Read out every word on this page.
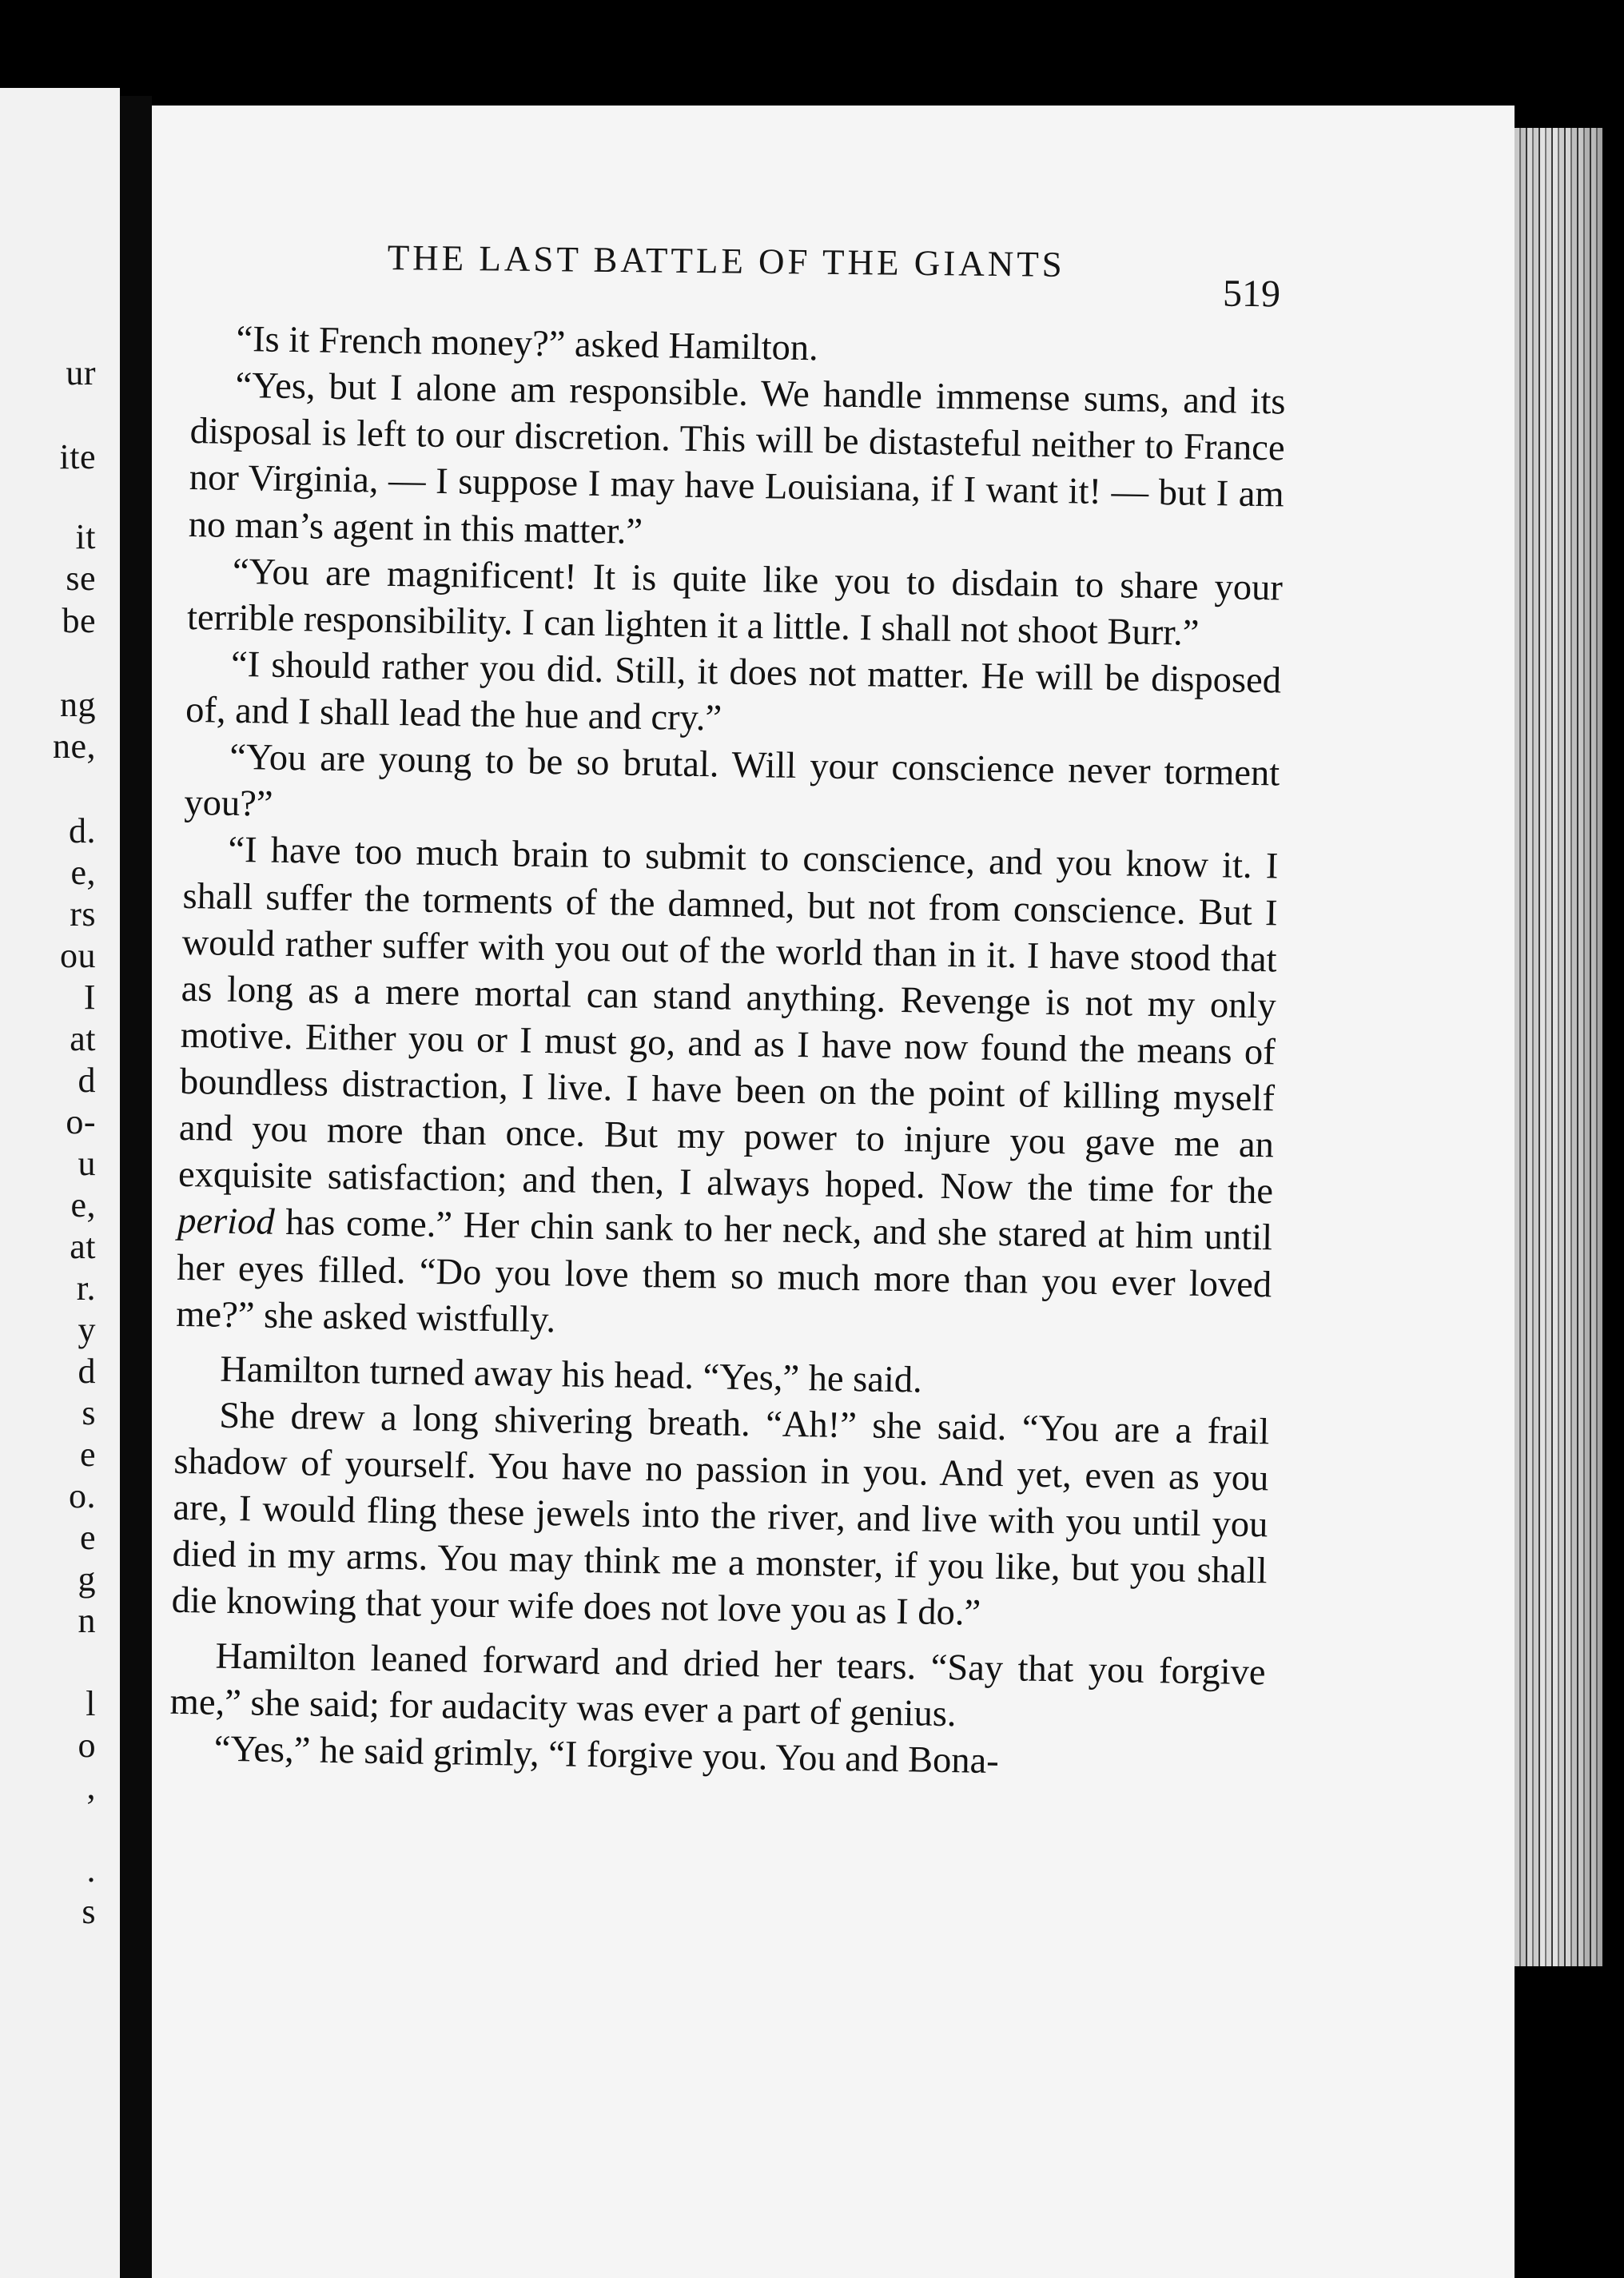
ur
ite
it
se
be
ng
ne,
d.
e,
rs
ou
I
at
d
o-
u
e,
at
r.
y
d
s
e
o.
e
g
n
l
o
,
.
s
THE LAST BATTLE OF THE GIANTS
519

“Is it French money?” asked Hamilton.

“Yes, but I alone am responsible. We handle immense sums, and its disposal is left to our discretion. This will be distasteful neither to France nor Virginia, — I suppose I may have Louisiana, if I want it! — but I am no man’s agent in this matter.”

“You are magnificent! It is quite like you to disdain to share your terrible responsibility. I can lighten it a little. I shall not shoot Burr.”

“I should rather you did. Still, it does not matter. He will be disposed of, and I shall lead the hue and cry.”

“You are young to be so brutal. Will your conscience never torment you?”

“I have too much brain to submit to conscience, and you know it. I shall suffer the torments of the damned, but not from conscience. But I would rather suffer with you out of the world than in it. I have stood that as long as a mere mortal can stand anything. Revenge is not my only motive. Either you or I must go, and as I have now found the means of boundless distraction, I live. I have been on the point of killing myself and you more than once. But my power to injure you gave me an exquisite satisfaction; and then, I always hoped. Now the time for the period has come.” Her chin sank to her neck, and she stared at him until her eyes filled. “Do you love them so much more than you ever loved me?” she asked wistfully.

Hamilton turned away his head. “Yes,” he said.

She drew a long shivering breath. “Ah!” she said. “You are a frail shadow of yourself. You have no passion in you. And yet, even as you are, I would fling these jewels into the river, and live with you until you died in my arms. You may think me a monster, if you like, but you shall die knowing that your wife does not love you as I do.”

Hamilton leaned forward and dried her tears. “Say that you forgive me,” she said; for audacity was ever a part of genius.

“Yes,” he said grimly, “I forgive you. You and Bona-
